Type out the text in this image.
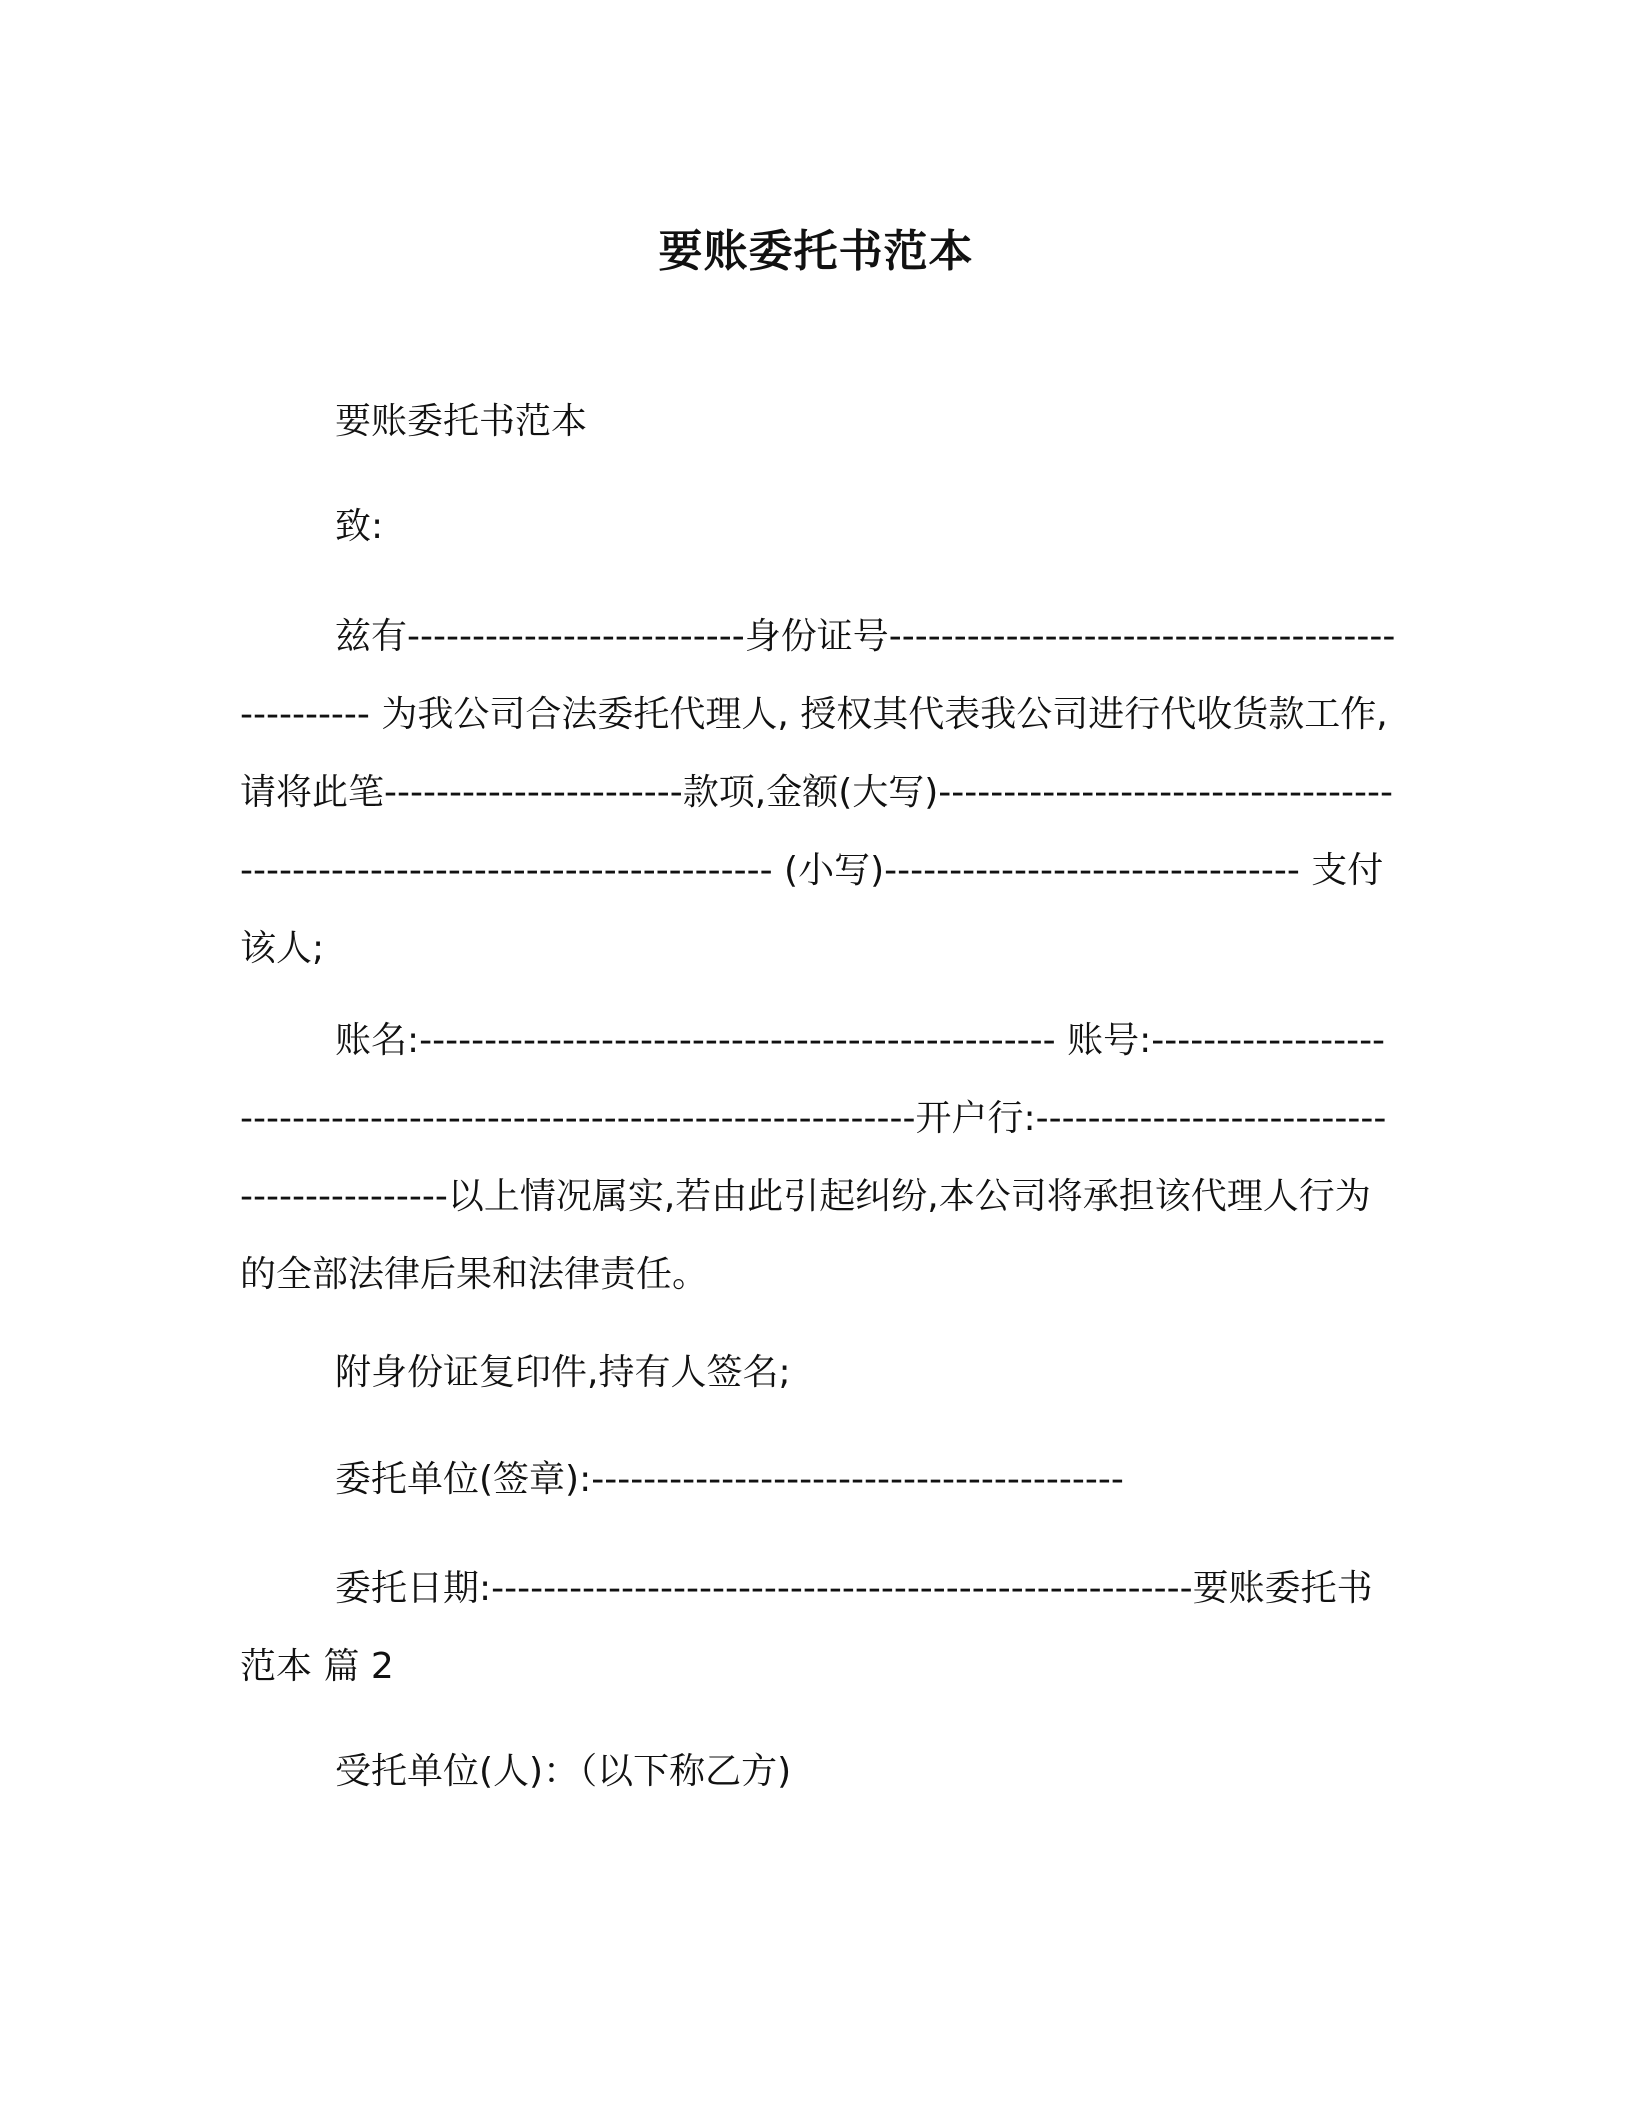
要账委托书范本

要账委托书范本

致:

兹有--------------------------身份证号------------------------------------------------- 为我公司合法委托代理人, 授权其代表我公司进行代收货款工作,请将此笔-----------------------款项,金额(大写)---------------------------------------------------------------------------- (小写)-------------------------------- 支付该人;

账名:------------------------------------------------- 账号:----------------------------------------------------------------------开户行:-------------------------------------------以上情况属实,若由此引起纠纷,本公司将承担该代理人行为的全部法律后果和法律责任。

附身份证复印件,持有人签名;

委托单位(签章):-----------------------------------------

委托日期:------------------------------------------------------要账委托书范本 篇 2

受托单位(人)：（以下称乙方)
